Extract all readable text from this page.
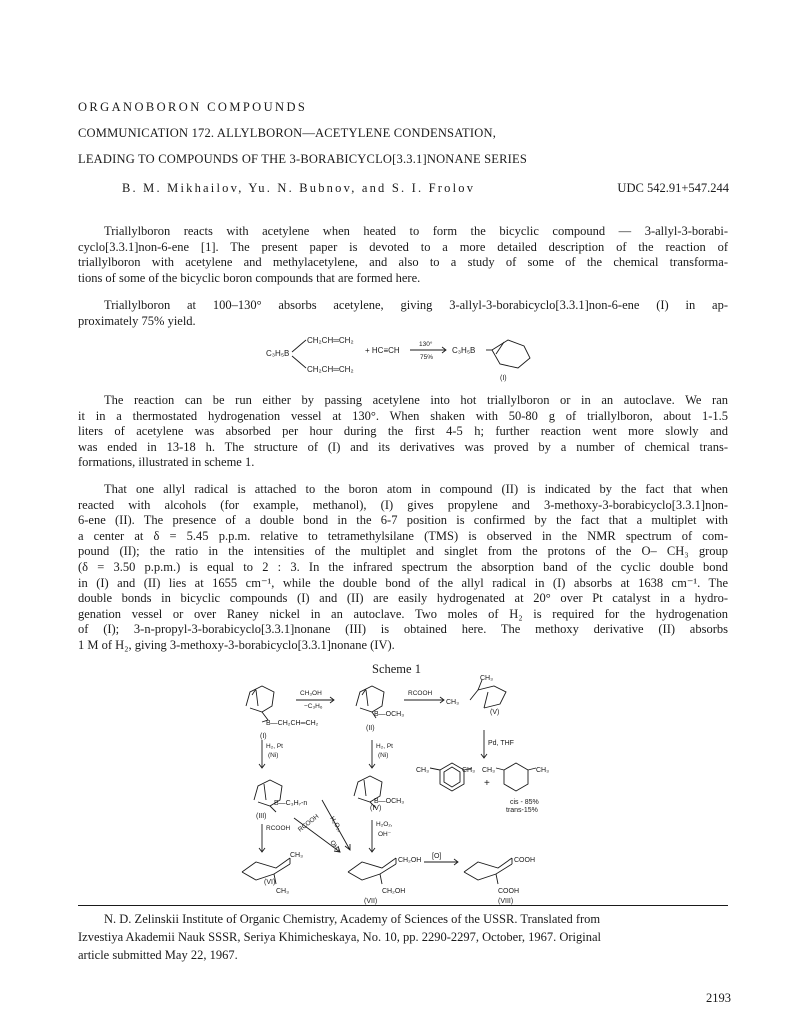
ORGANOBORON COMPOUNDS
COMMUNICATION 172. ALLYLBORON—ACETYLENE CONDENSATION,
LEADING TO COMPOUNDS OF THE 3-BORABICYCLO[3.3.1]NONANE SERIES
B. M. Mikhailov, Yu. N. Bubnov, and S. I. Frolov	UDC 542.91+547.244
Triallylboron reacts with acetylene when heated to form the bicyclic compound — 3-allyl-3-borabi-
cyclo[3.3.1]non-6-ene [1]. The present paper is devoted to a more detailed description of the reaction of
triallylboron with acetylene and methylacetylene, and also to a study of some of the chemical transforma-
tions of some of the bicyclic boron compounds that are formed here.
Triallylboron at 100–130° absorbs acetylene, giving 3-allyl-3-borabicyclo[3.3.1]non-6-ene (I) in ap-
proximately 75% yield.
CH₂CH═CH₂
C₃H₅B
CH₂CH═CH₂
+ HC≡CH
130°
75%
C₃H₅B
(I)
The reaction can be run either by passing acetylene into hot triallylboron or in an autoclave. We ran
it in a thermostated hydrogenation vessel at 130°. When shaken with 50-80 g of triallylboron, about 1-1.5
liters of acetylene was absorbed per hour during the first 4-5 h; further reaction went more slowly and
was ended in 13-18 h. The structure of (I) and its derivatives was proved by a number of chemical trans-
formations, illustrated in scheme 1.
That one allyl radical is attached to the boron atom in compound (II) is indicated by the fact that when
reacted with alcohols (for example, methanol), (I) gives propylene and 3-methoxy-3-borabicyclo[3.3.1]non-
6-ene (II). The presence of a double bond in the 6-7 position is confirmed by the fact that a multiplet with
a center at δ = 5.45 p.p.m. relative to tetramethylsilane (TMS) is observed in the NMR spectrum of com-
pound (II); the ratio in the intensities of the multiplet and singlet from the protons of the O– CH₃ group
(δ = 3.50 p.p.m.) is equal to 2 : 3. In the infrared spectrum the absorption band of the cyclic double bond
in (I) and (II) lies at 1655 cm⁻¹, while the double bond of the allyl radical in (I) absorbs at 1638 cm⁻¹. The
double bonds in bicyclic compounds (I) and (II) are easily hydrogenated at 20° over Pt catalyst in a hydro-
genation vessel or over Raney nickel in an autoclave. Two moles of H₂ is required for the hydrogenation
of (I); 3-n-propyl-3-borabicyclo[3.3.1]nonane (III) is obtained here. The methoxy derivative (II) absorbs
1 M of H₂, giving 3-methoxy-3-borabicyclo[3.3.1]nonane (IV).
Scheme 1
B—CH₂CH═CH₂
B—OCH₃
CH₃OH
−C₃H₆
RCOOH
CH₃
CH₃
(I)
(II)
(V)
H₂, Pt
(Ni)
H₂, Pt
(Ni)
Pd, THF
B—C₃H₇-n	B—OCH₃
(III)
(IV)
CH₃	CH₃
+
CH₃	CH₃
cis - 85%
trans-15%
RCOOH RCOOH H₂O₂,
OH⁻
H₂O₂,
OH⁻
CH₃
CH₃
(VI)
CH₂OH
CH₂OH
(VII)
[O]
COOH
COOH
(VIII)
N. D. Zelinskii Institute of Organic Chemistry, Academy of Sciences of the USSR. Translated from
Izvestiya Akademii Nauk SSSR, Seriya Khimicheskaya, No. 10, pp. 2290-2297, October, 1967. Original
article submitted May 22, 1967.
2193
